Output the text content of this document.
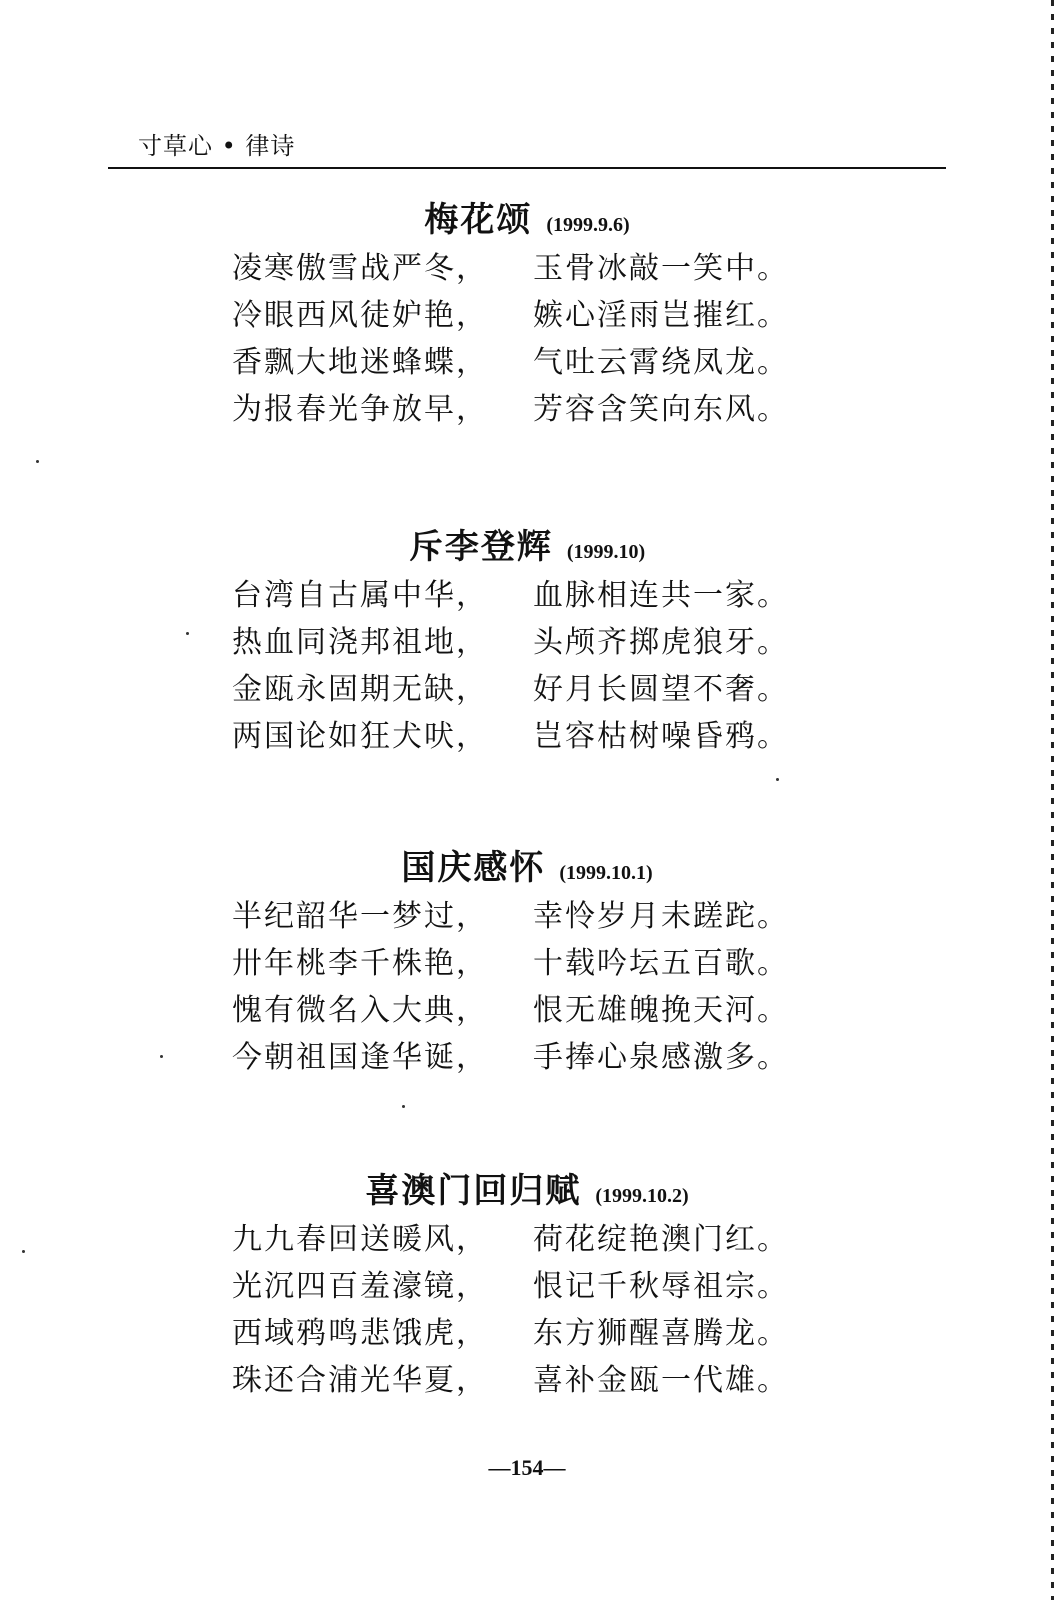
寸草心 • 律诗
梅花颂 (1999.9.6)
凌寒傲雪战严冬， 玉骨冰敲一笑中。
冷眼西风徒妒艳， 嫉心淫雨岂摧红。
香飘大地迷蜂蝶， 气吐云霄绕凤龙。
为报春光争放早， 芳容含笑向东风。
斥李登辉 (1999.10)
台湾自古属中华， 血脉相连共一家。
热血同浇邦祖地， 头颅齐掷虎狼牙。
金瓯永固期无缺， 好月长圆望不奢。
两国论如狂犬吠， 岂容枯树噪昏鸦。
国庆感怀 (1999.10.1)
半纪韶华一梦过， 幸怜岁月未蹉跎。
卅年桃李千株艳， 十载吟坛五百歌。
愧有微名入大典， 恨无雄魄挽天河。
今朝祖国逢华诞， 手捧心泉感激多。
喜澳门回归赋 (1999.10.2)
九九春回送暖风， 荷花绽艳澳门红。
光沉四百羞濠镜， 恨记千秋辱祖宗。
西域鸦鸣悲饿虎， 东方狮醒喜腾龙。
珠还合浦光华夏， 喜补金瓯一代雄。
—154—
